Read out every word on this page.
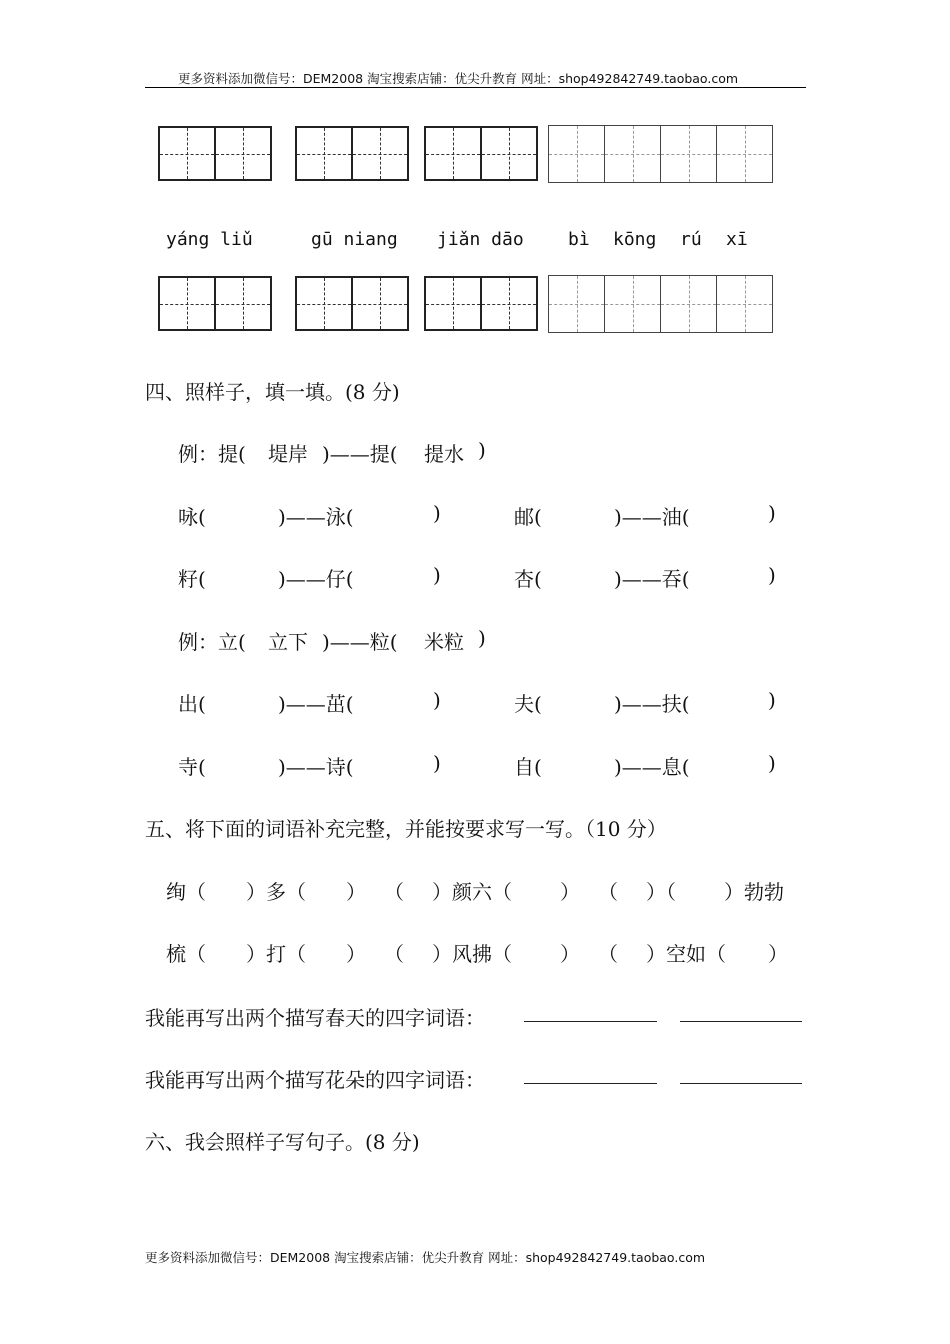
更多资料添加微信号：DEM2008 淘宝搜索店铺：优尖升教育 网址：shop492842749.taobao.com
yáng liǔ	gū niang jiǎn dāo bì kōng rú xī
四、照样子，填一填。(8 分)
例：提( 堤岸 )——提( 提水 )
咏(	)——泳(	)	邮(	)——油(	)
籽(	)——仔(	)	杏(	)——吞(	)
例：立( 立下 )——粒( 米粒 )
出(	)——茁(	)	夫(	)——扶(	)
寺(	)——诗(	)	自(	)——息(	)
五、将下面的词语补充完整，并能按要求写一写。（10 分）
绚（ ）多（ ） （ ）颜六（ ） （ ）（ ）勃勃
梳（ ）打（ ） （ ）风拂（ ） （ ）空如（ ）
我能再写出两个描写春天的四字词语：
我能再写出两个描写花朵的四字词语：
六、我会照样子写句子。(8 分)
更多资料添加微信号：DEM2008 淘宝搜索店铺：优尖升教育 网址：shop492842749.taobao.com
